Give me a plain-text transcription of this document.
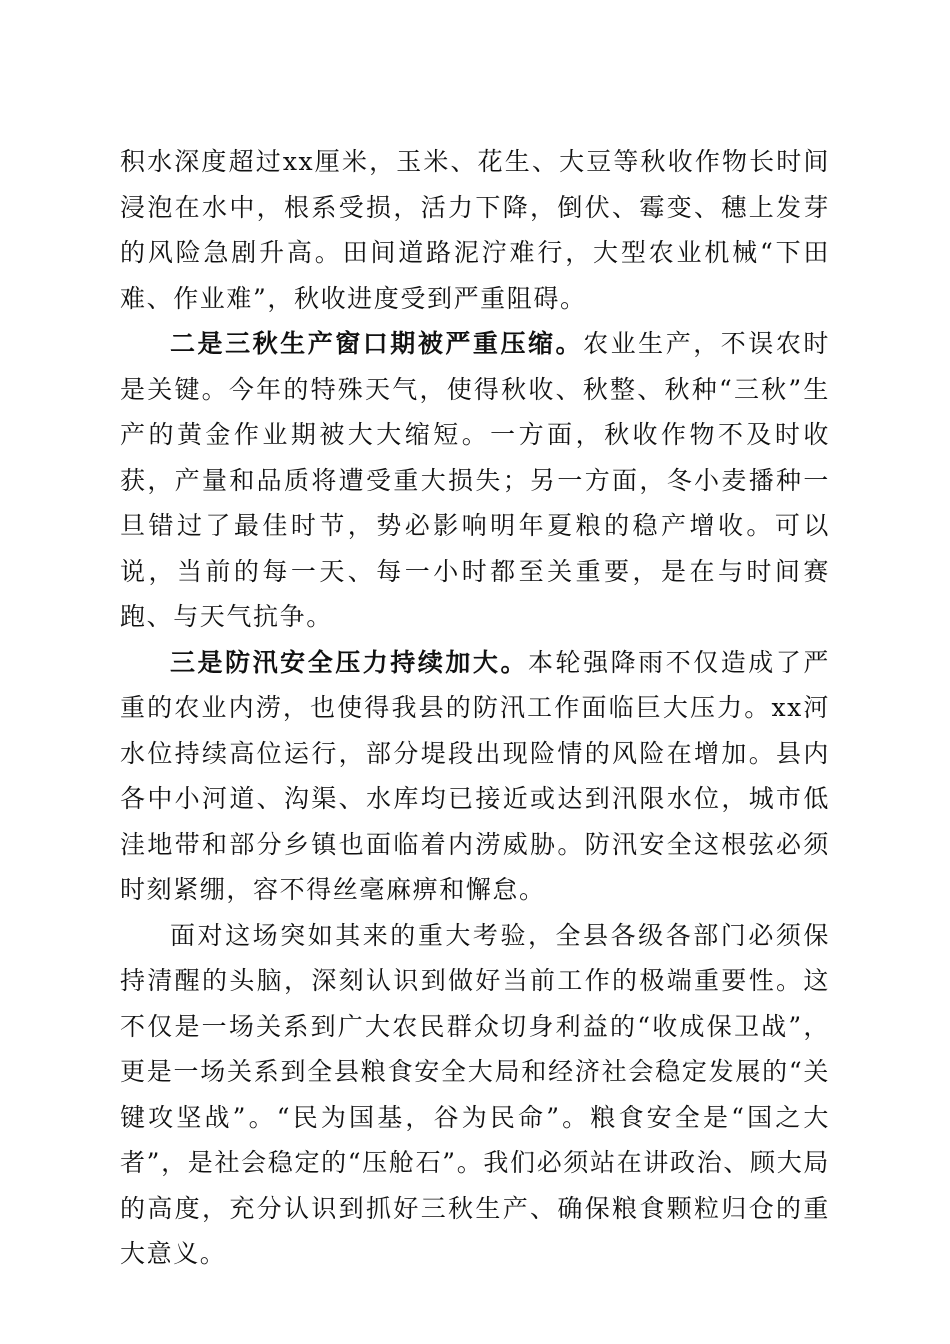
积水深度超过xx厘米，玉米、花生、大豆等秋收作物长时间浸泡在水中，根系受损，活力下降，倒伏、霉变、穗上发芽的风险急剧升高。田间道路泥泞难行，大型农业机械“下田难、作业难”，秋收进度受到严重阻碍。

二是三秋生产窗口期被严重压缩。农业生产，不误农时是关键。今年的特殊天气，使得秋收、秋整、秋种“三秋”生产的黄金作业期被大大缩短。一方面，秋收作物不及时收获，产量和品质将遭受重大损失；另一方面，冬小麦播种一旦错过了最佳时节，势必影响明年夏粮的稳产增收。可以说，当前的每一天、每一小时都至关重要，是在与时间赛跑、与天气抗争。

三是防汛安全压力持续加大。本轮强降雨不仅造成了严重的农业内涝，也使得我县的防汛工作面临巨大压力。xx河水位持续高位运行，部分堤段出现险情的风险在增加。县内各中小河道、沟渠、水库均已接近或达到汛限水位，城市低洼地带和部分乡镇也面临着内涝威胁。防汛安全这根弦必须时刻紧绷，容不得丝毫麻痹和懈怠。

面对这场突如其来的重大考验，全县各级各部门必须保持清醒的头脑，深刻认识到做好当前工作的极端重要性。这不仅是一场关系到广大农民群众切身利益的“收成保卫战”，更是一场关系到全县粮食安全大局和经济社会稳定发展的“关键攻坚战”。“民为国基，谷为民命”。粮食安全是“国之大者”，是社会稳定的“压舱石”。我们必须站在讲政治、顾大局的高度，充分认识到抓好三秋生产、确保粮食颗粒归仓的重大意义。
